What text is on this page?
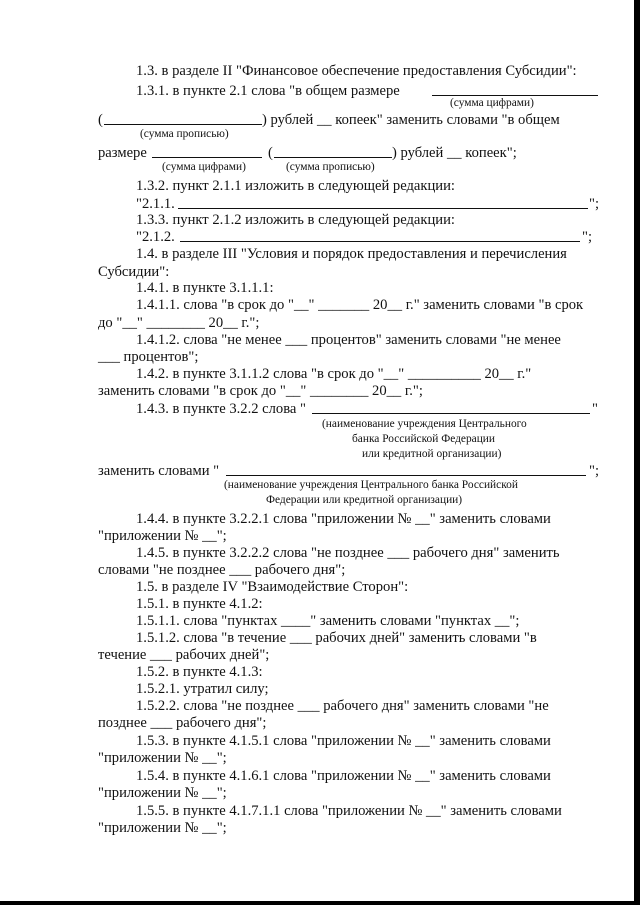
1.3. в разделе II "Финансовое обеспечение предоставления Субсидии":
1.3.1. в пункте 2.1 слова "в общем размере
(сумма цифрами)
(	) рублей __ копеек" заменить словами "в общем
(сумма прописью)
размере	(	) рублей __ копеек";
(сумма цифрами)	(сумма прописью)
1.3.2. пункт 2.1.1 изложить в следующей редакции:
"2.1.1.	";
1.3.3. пункт 2.1.2 изложить в следующей редакции:
"2.1.2.	";
1.4. в разделе III "Условия и порядок предоставления и перечисления
Субсидии":
1.4.1. в пункте 3.1.1.1:
1.4.1.1. слова "в срок до "__" _______ 20__ г." заменить словами "в срок
до "__" ________ 20__ г.";
1.4.1.2. слова "не менее ___ процентов" заменить словами "не менее
___ процентов";
1.4.2. в пункте 3.1.1.2 слова "в срок до "__" __________ 20__ г."
заменить словами "в срок до "__" ________ 20__ г.";
1.4.3. в пункте 3.2.2 слова "	"
(наименование учреждения Центрального
банка Российской Федерации
или кредитной организации)
заменить словами "	";
(наименование учреждения Центрального банка Российской
Федерации или кредитной организации)
1.4.4. в пункте 3.2.2.1 слова "приложении № __" заменить словами
"приложении № __";
1.4.5. в пункте 3.2.2.2 слова "не позднее ___ рабочего дня" заменить
словами "не позднее ___ рабочего дня";
1.5. в разделе IV "Взаимодействие Сторон":
1.5.1. в пункте 4.1.2:
1.5.1.1. слова "пунктах ____" заменить словами "пунктах __";
1.5.1.2. слова "в течение ___ рабочих дней" заменить словами "в
течение ___ рабочих дней";
1.5.2. в пункте 4.1.3:
1.5.2.1. утратил силу;
1.5.2.2. слова "не позднее ___ рабочего дня" заменить словами "не
позднее ___ рабочего дня";
1.5.3. в пункте 4.1.5.1 слова "приложении № __" заменить словами
"приложении № __";
1.5.4. в пункте 4.1.6.1 слова "приложении № __" заменить словами
"приложении № __";
1.5.5. в пункте 4.1.7.1.1 слова "приложении № __" заменить словами
"приложении № __";
